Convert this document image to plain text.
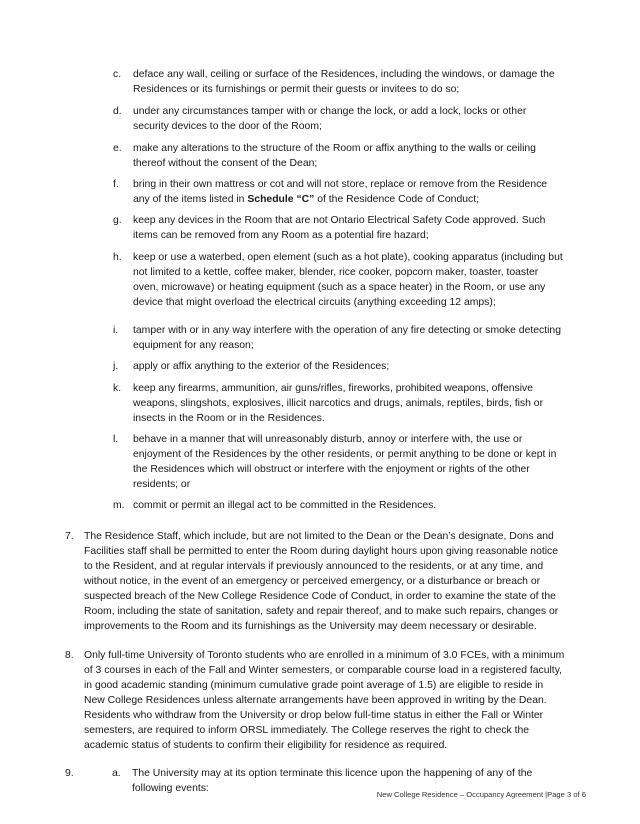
c. deface any wall, ceiling or surface of the Residences, including the windows, or damage the Residences or its furnishings or permit their guests or invitees to do so;
d. under any circumstances tamper with or change the lock, or add a lock, locks or other security devices to the door of the Room;
e. make any alterations to the structure of the Room or affix anything to the walls or ceiling thereof without the consent of the Dean;
f. bring in their own mattress or cot and will not store, replace or remove from the Residence any of the items listed in Schedule “C” of the Residence Code of Conduct;
g. keep any devices in the Room that are not Ontario Electrical Safety Code approved. Such items can be removed from any Room as a potential fire hazard;
h. keep or use a waterbed, open element (such as a hot plate), cooking apparatus (including but not limited to a kettle, coffee maker, blender, rice cooker, popcorn maker, toaster, toaster oven, microwave) or heating equipment (such as a space heater) in the Room, or use any device that might overload the electrical circuits (anything exceeding 12 amps);
i. tamper with or in any way interfere with the operation of any fire detecting or smoke detecting equipment for any reason;
j. apply or affix anything to the exterior of the Residences;
k. keep any firearms, ammunition, air guns/rifles, fireworks, prohibited weapons, offensive weapons, slingshots, explosives, illicit narcotics and drugs, animals, reptiles, birds, fish or insects in the Room or in the Residences.
l. behave in a manner that will unreasonably disturb, annoy or interfere with, the use or enjoyment of the Residences by the other residents, or permit anything to be done or kept in the Residences which will obstruct or interfere with the enjoyment or rights of the other residents; or
m. commit or permit an illegal act to be committed in the Residences.
7. The Residence Staff, which include, but are not limited to the Dean or the Dean’s designate, Dons and Facilities staff shall be permitted to enter the Room during daylight hours upon giving reasonable notice to the Resident, and at regular intervals if previously announced to the residents, or at any time, and without notice, in the event of an emergency or perceived emergency, or a disturbance or breach or suspected breach of the New College Residence Code of Conduct, in order to examine the state of the Room, including the state of sanitation, safety and repair thereof, and to make such repairs, changes or improvements to the Room and its furnishings as the University may deem necessary or desirable.
8. Only full-time University of Toronto students who are enrolled in a minimum of 3.0 FCEs, with a minimum of 3 courses in each of the Fall and Winter semesters, or comparable course load in a registered faculty, in good academic standing (minimum cumulative grade point average of 1.5) are eligible to reside in New College Residences unless alternate arrangements have been approved in writing by the Dean. Residents who withdraw from the University or drop below full-time status in either the Fall or Winter semesters, are required to inform ORSL immediately. The College reserves the right to check the academic status of students to confirm their eligibility for residence as required.
9.	a. The University may at its option terminate this licence upon the happening of any of the following events:
New College Residence – Occupancy Agreement |Page 3 of 6
